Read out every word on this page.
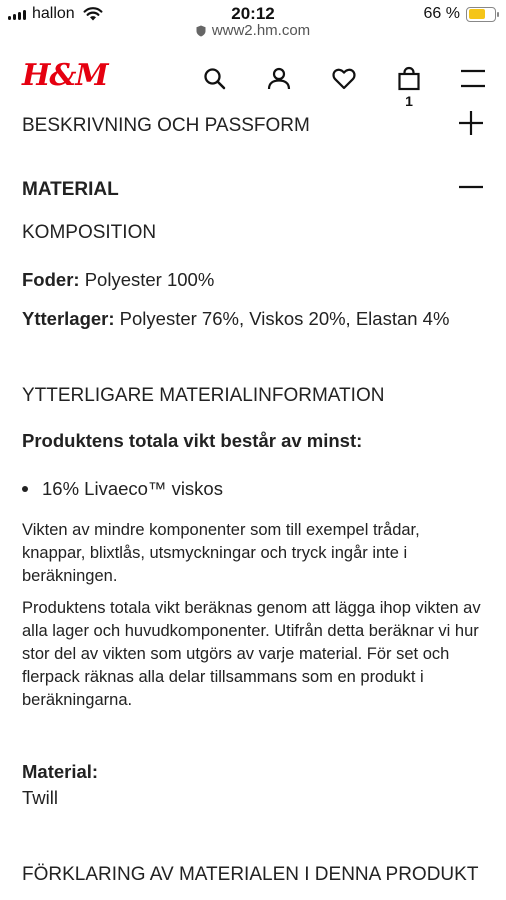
hallon	20:12
www2.hm.com
66 %
H&M
1
BESKRIVNING OCH PASSFORM
MATERIAL
KOMPOSITION
Foder: Polyester 100%
Ytterlager: Polyester 76%, Viskos 20%, Elastan 4%
YTTERLIGARE MATERIALINFORMATION
Produktens totala vikt består av minst:
16% Livaeco™ viskos
Vikten av mindre komponenter som till exempel trådar, knappar, blixtlås, utsmyckningar och tryck ingår inte i beräkningen.
Produktens totala vikt beräknas genom att lägga ihop vikten av alla lager och huvudkomponenter. Utifrån detta beräknar vi hur stor del av vikten som utgörs av varje material. För set och flerpack räknas alla delar tillsammans som en produkt i beräkningarna.
Material:
Twill
FÖRKLARING AV MATERIALEN I DENNA PRODUKT
